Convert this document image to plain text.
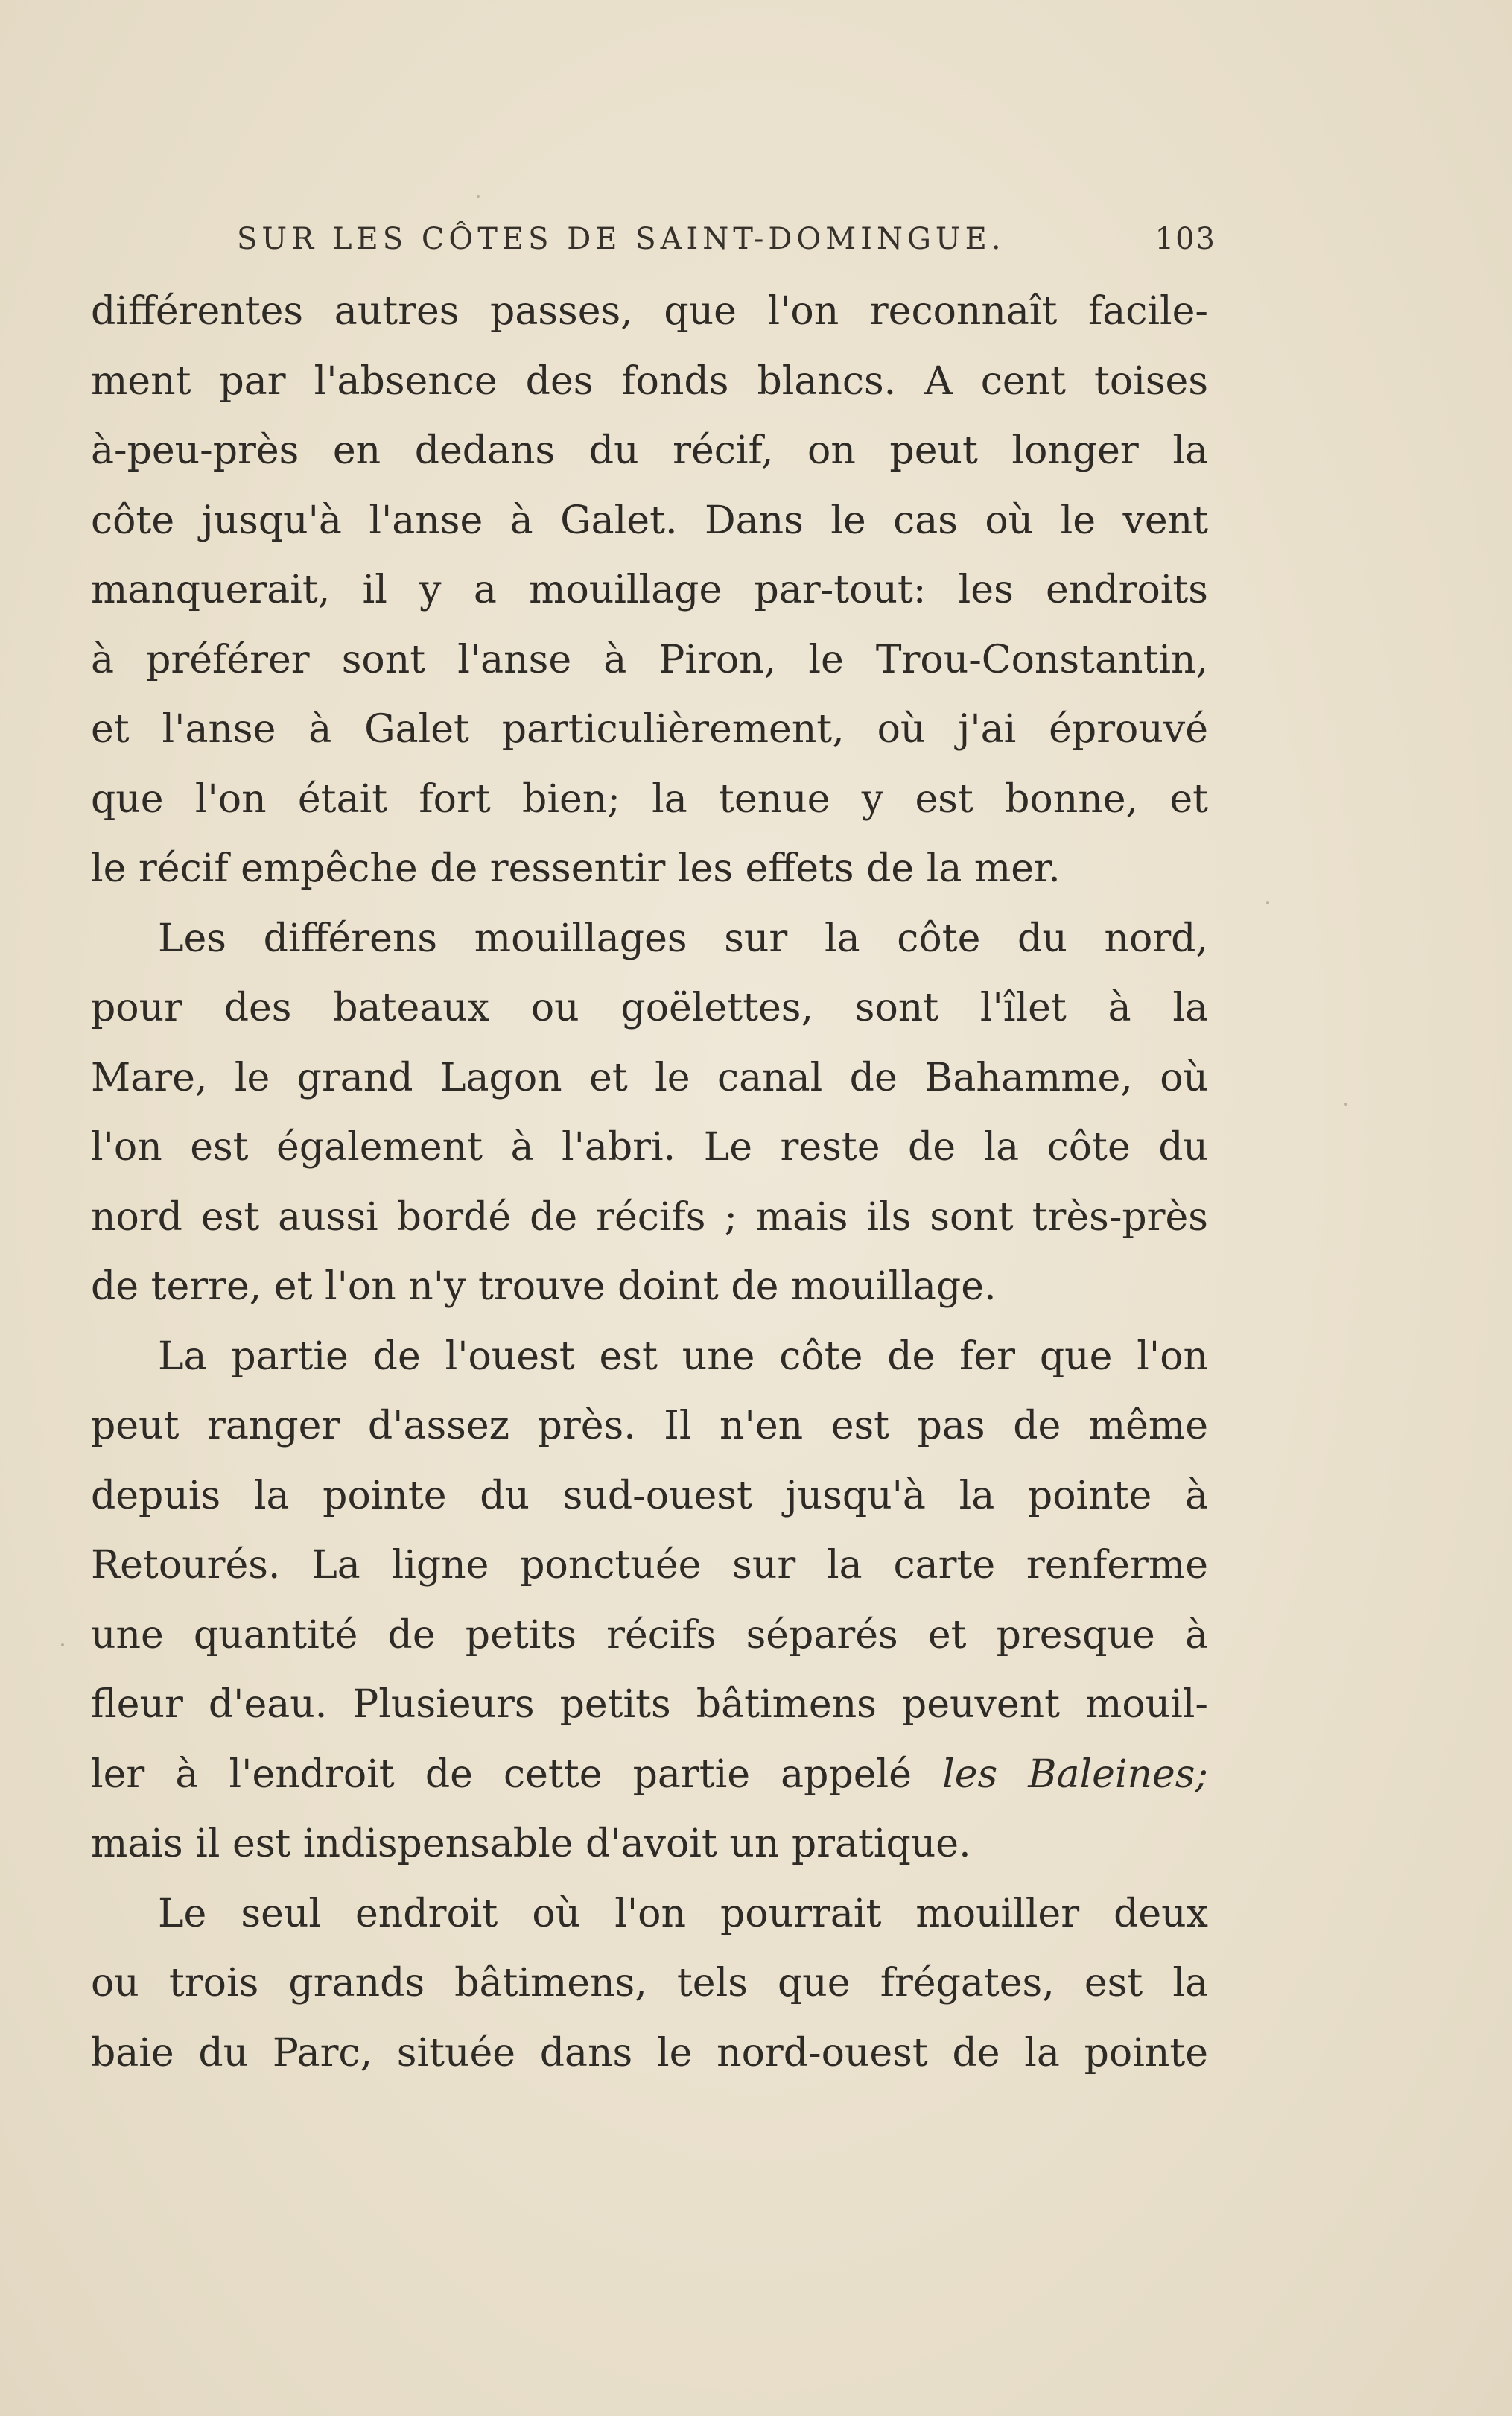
SUR LES CÔTES DE SAINT-DOMINGUE.	103
différentes autres passes, que l'on reconnaît facile-
ment par l'absence des fonds blancs. A cent toises
à-peu-près en dedans du récif, on peut longer la
côte jusqu'à l'anse à Galet. Dans le cas où le vent
manquerait, il y a mouillage par-tout: les endroits
à préférer sont l'anse à Piron, le Trou-Constantin,
et l'anse à Galet particulièrement, où j'ai éprouvé
que l'on était fort bien; la tenue y est bonne, et
le récif empêche de ressentir les effets de la mer.
Les différens mouillages sur la côte du nord,
pour des bateaux ou goëlettes, sont l'îlet à la
Mare, le grand Lagon et le canal de Bahamme, où
l'on est également à l'abri. Le reste de la côte du
nord est aussi bordé de récifs ; mais ils sont très-près
de terre, et l'on n'y trouve doint de mouillage.
La partie de l'ouest est une côte de fer que l'on
peut ranger d'assez près. Il n'en est pas de même
depuis la pointe du sud-ouest jusqu'à la pointe à
Retourés. La ligne ponctuée sur la carte renferme
une quantité de petits récifs séparés et presque à
fleur d'eau. Plusieurs petits bâtimens peuvent mouil-
ler à l'endroit de cette partie appelé les Baleines;
mais il est indispensable d'avoit un pratique.
Le seul endroit où l'on pourrait mouiller deux
ou trois grands bâtimens, tels que frégates, est la
baie du Parc, située dans le nord-ouest de la pointe
